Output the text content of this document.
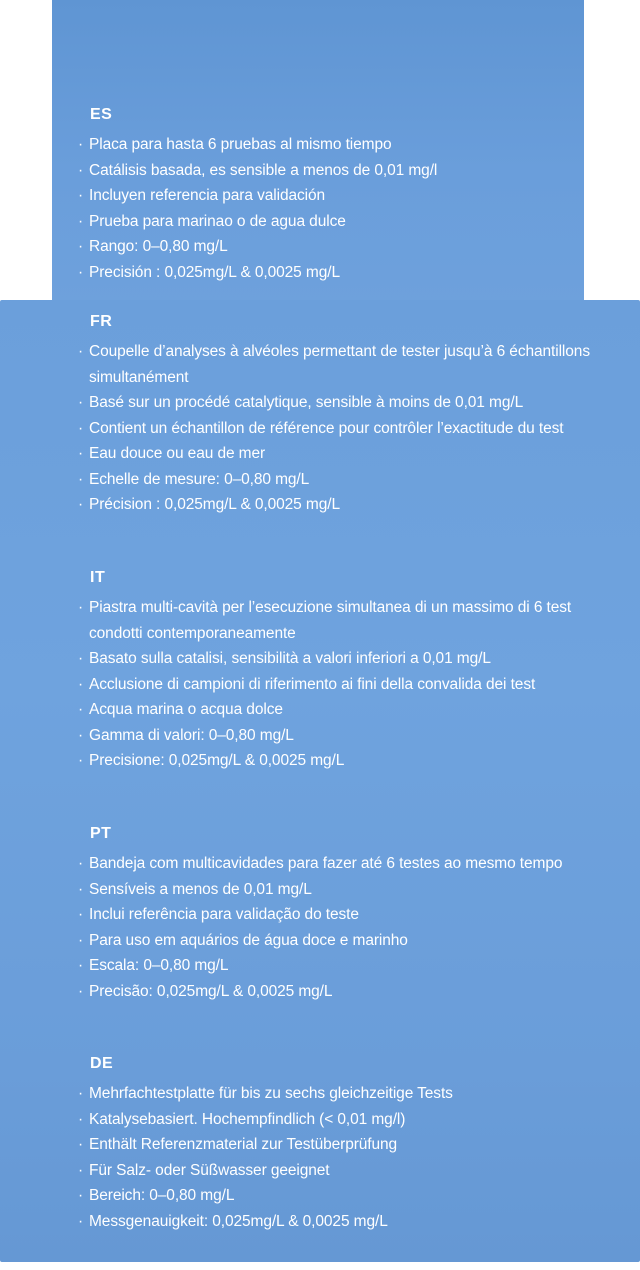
ES
· Placa para hasta 6 pruebas al mismo tiempo
· Catálisis basada, es sensible a menos de 0,01 mg/l
· Incluyen referencia para validación
· Prueba para marinao o de agua dulce
· Rango: 0–0,80 mg/L
· Precisión : 0,025mg/L & 0,0025 mg/L
FR
· Coupelle d’analyses à alvéoles permettant de tester jusqu’à 6 échantillons simultanément
· Basé sur un procédé catalytique, sensible à moins de 0,01 mg/L
· Contient un échantillon de référence pour contrôler l’exactitude du test
· Eau douce ou eau de mer
· Echelle de mesure: 0–0,80 mg/L
· Précision : 0,025mg/L & 0,0025 mg/L
IT
· Piastra multi-cavità per l’esecuzione simultanea di un massimo di 6 test condotti contemporaneamente
· Basato sulla catalisi, sensibilità a valori inferiori a 0,01 mg/L
· Acclusione di campioni di riferimento ai fini della convalida dei test
· Acqua marina o acqua dolce
· Gamma di valori: 0–0,80 mg/L
· Precisione: 0,025mg/L & 0,0025 mg/L
PT
· Bandeja com multicavidades para fazer até 6 testes ao mesmo tempo
· Sensíveis a menos de 0,01 mg/L
· Inclui referência para validação do teste
· Para uso em aquários de água doce e marinho
· Escala: 0–0,80 mg/L
· Precisão: 0,025mg/L & 0,0025 mg/L
DE
· Mehrfachtestplatte für bis zu sechs gleichzeitige Tests
· Katalysebasiert. Hochempfindlich (< 0,01 mg/l)
· Enthält Referenzmaterial zur Testüberprüfung
· Für Salz- oder Süßwasser geeignet
· Bereich: 0–0,80 mg/L
· Messgenauigkeit: 0,025mg/L & 0,0025 mg/L
